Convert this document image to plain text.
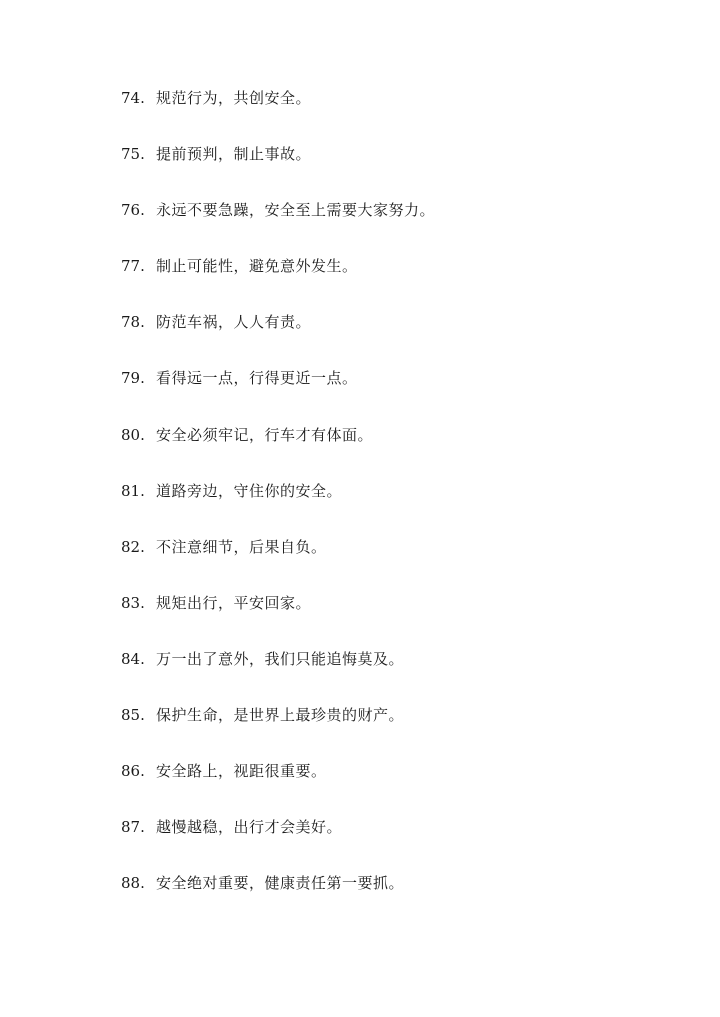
74. 规范行为，共创安全。
75. 提前预判，制止事故。
76. 永远不要急躁，安全至上需要大家努力。
77. 制止可能性，避免意外发生。
78. 防范车祸，人人有责。
79. 看得远一点，行得更近一点。
80. 安全必须牢记，行车才有体面。
81. 道路旁边，守住你的安全。
82. 不注意细节，后果自负。
83. 规矩出行，平安回家。
84. 万一出了意外，我们只能追悔莫及。
85. 保护生命，是世界上最珍贵的财产。
86. 安全路上，视距很重要。
87. 越慢越稳，出行才会美好。
88. 安全绝对重要，健康责任第一要抓。
